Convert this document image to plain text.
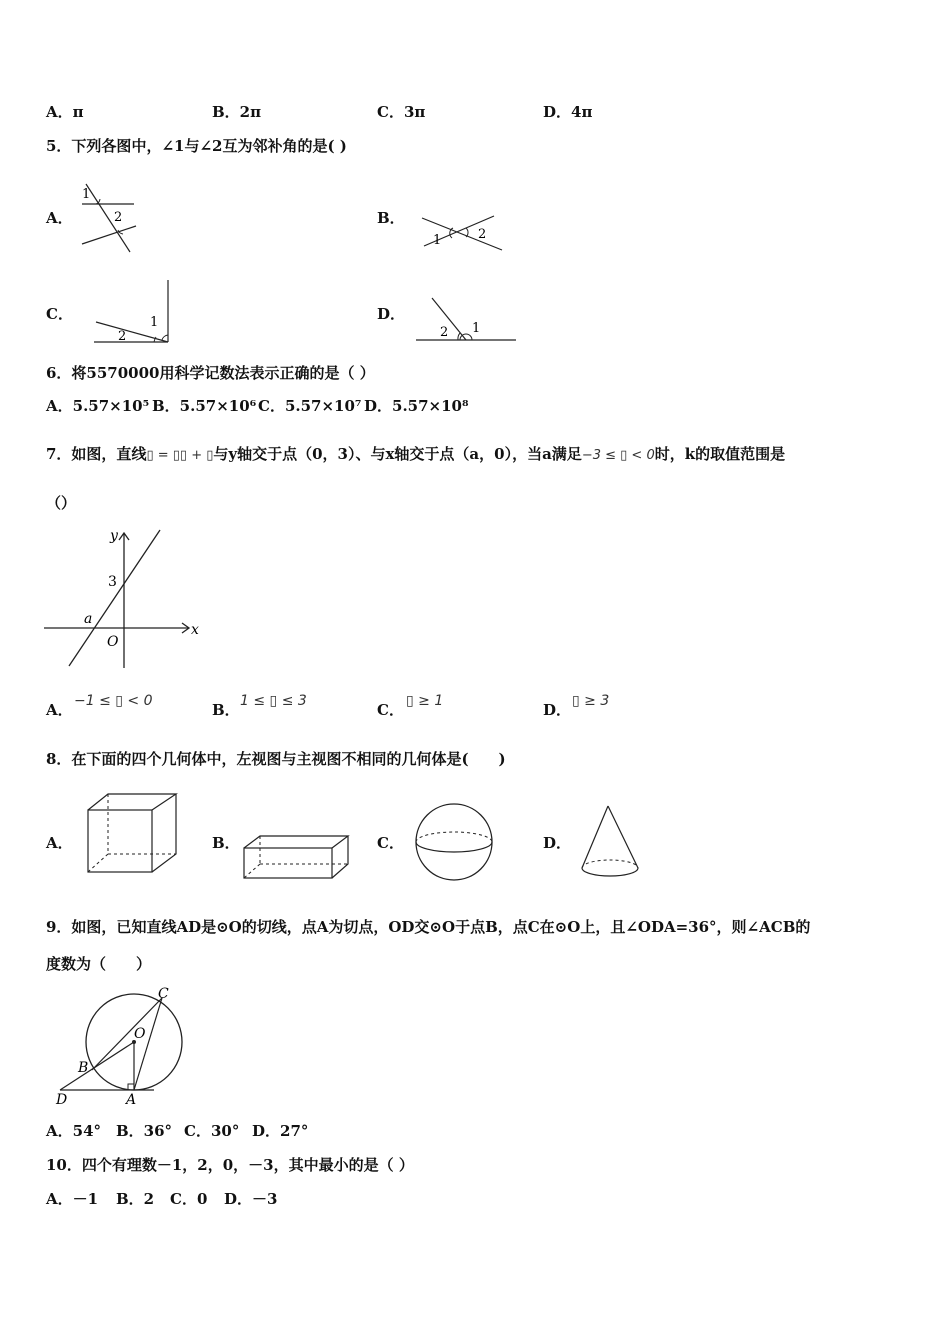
A．π	B．2π	C．3π	D．4π
5．下列各图中，∠1与∠2互为邻补角的是( )
A．
1
2	B．
1	2
C．
2
1	D．
2 1
6．将5570000用科学记数法表示正确的是（ ）
A．5.57×10⁵ B．5.57×10⁶ C．5.57×10⁷ D．5.57×10⁸
7．如图，直线▯ = ▯▯ + ▯与y轴交于点（0，3）、与x轴交于点（a，0），当a满足−3 ≤ ▯ < 0时，k的取值范围是
（）
y
x
O
a
3
A． −1 ≤ ▯ < 0	B． 1 ≤ ▯ ≤ 3	C． ▯ ≥ 1	D． ▯ ≥ 3
8．在下面的四个几何体中，左视图与主视图不相同的几何体是(　　)
A．	B．	C．	D．
9．如图，已知直线AD是⊙O的切线，点A为切点，OD交⊙O于点B，点C在⊙O上，且∠ODA=36°，则∠ACB的
度数为（　　）
C
O
B
D	A
A．54° B．36° C．30° D．27°
10．四个有理数－1，2，0，－3，其中最小的是（ ）
A．－1 B．2 C．0 D．－3
